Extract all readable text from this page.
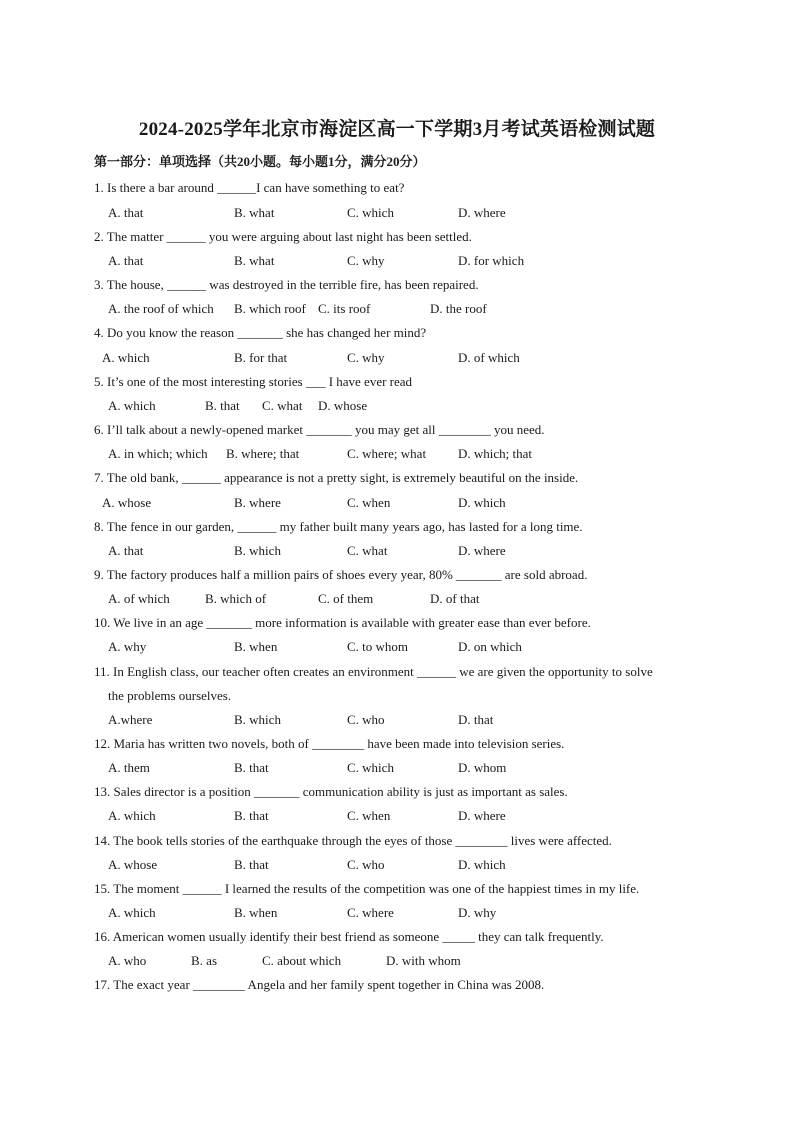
2024-2025学年北京市海淀区高一下学期3月考试英语检测试题
第一部分：单项选择（共20小题。每小题1分，满分20分）
1. Is there a bar around ______I can have something to eat?
A. that	B. what	C. which	D. where
2. The matter ______ you were arguing about last night has been settled.
A. that	B. what	C. why	D. for which
3. The house, ______ was destroyed in the terrible fire, has been repaired.
A. the roof of which B. which roof C. its roof	D. the roof
4. Do you know the reason _______ she has changed her mind?
A. which	B. for that	C. why	D. of which
5. It’s one of the most interesting stories ___ I have ever read
A. which	B. that C. what D. whose
6. I’ll talk about a newly-opened market _______ you may get all ________ you need.
A. in which; which B. where; that	C. where; what D. which; that
7. The old bank, ______ appearance is not a pretty sight, is extremely beautiful on the inside.
A. whose	B. where	C. when	D. which
8. The fence in our garden, ______ my father built many years ago, has lasted for a long time.
A. that	B. which	C. what	D. where
9. The factory produces half a million pairs of shoes every year, 80% _______ are sold abroad.
A. of which	B. which of	C. of them	D. of that
10. We live in an age _______ more information is available with greater ease than ever before.
A. why	B. when	C. to whom	D. on which
11. In English class, our teacher often creates an environment ______ we are given the opportunity to solve
the problems ourselves.
A.where	B. which	C. who	D. that
12. Maria has written two novels, both of ________ have been made into television series.
A. them	B. that	C. which	D. whom
13. Sales director is a position _______ communication ability is just as important as sales.
A. which	B. that	C. when	D. where
14. The book tells stories of the earthquake through the eyes of those ________ lives were affected.
A. whose	B. that	C. who	D. which
15. The moment ______ I learned the results of the competition was one of the happiest times in my life.
A. which	B. when	C. where	D. why
16. American women usually identify their best friend as someone _____ they can talk frequently.
A. who	B. as	C. about which	D. with whom
17. The exact year ________ Angela and her family spent together in China was 2008.
